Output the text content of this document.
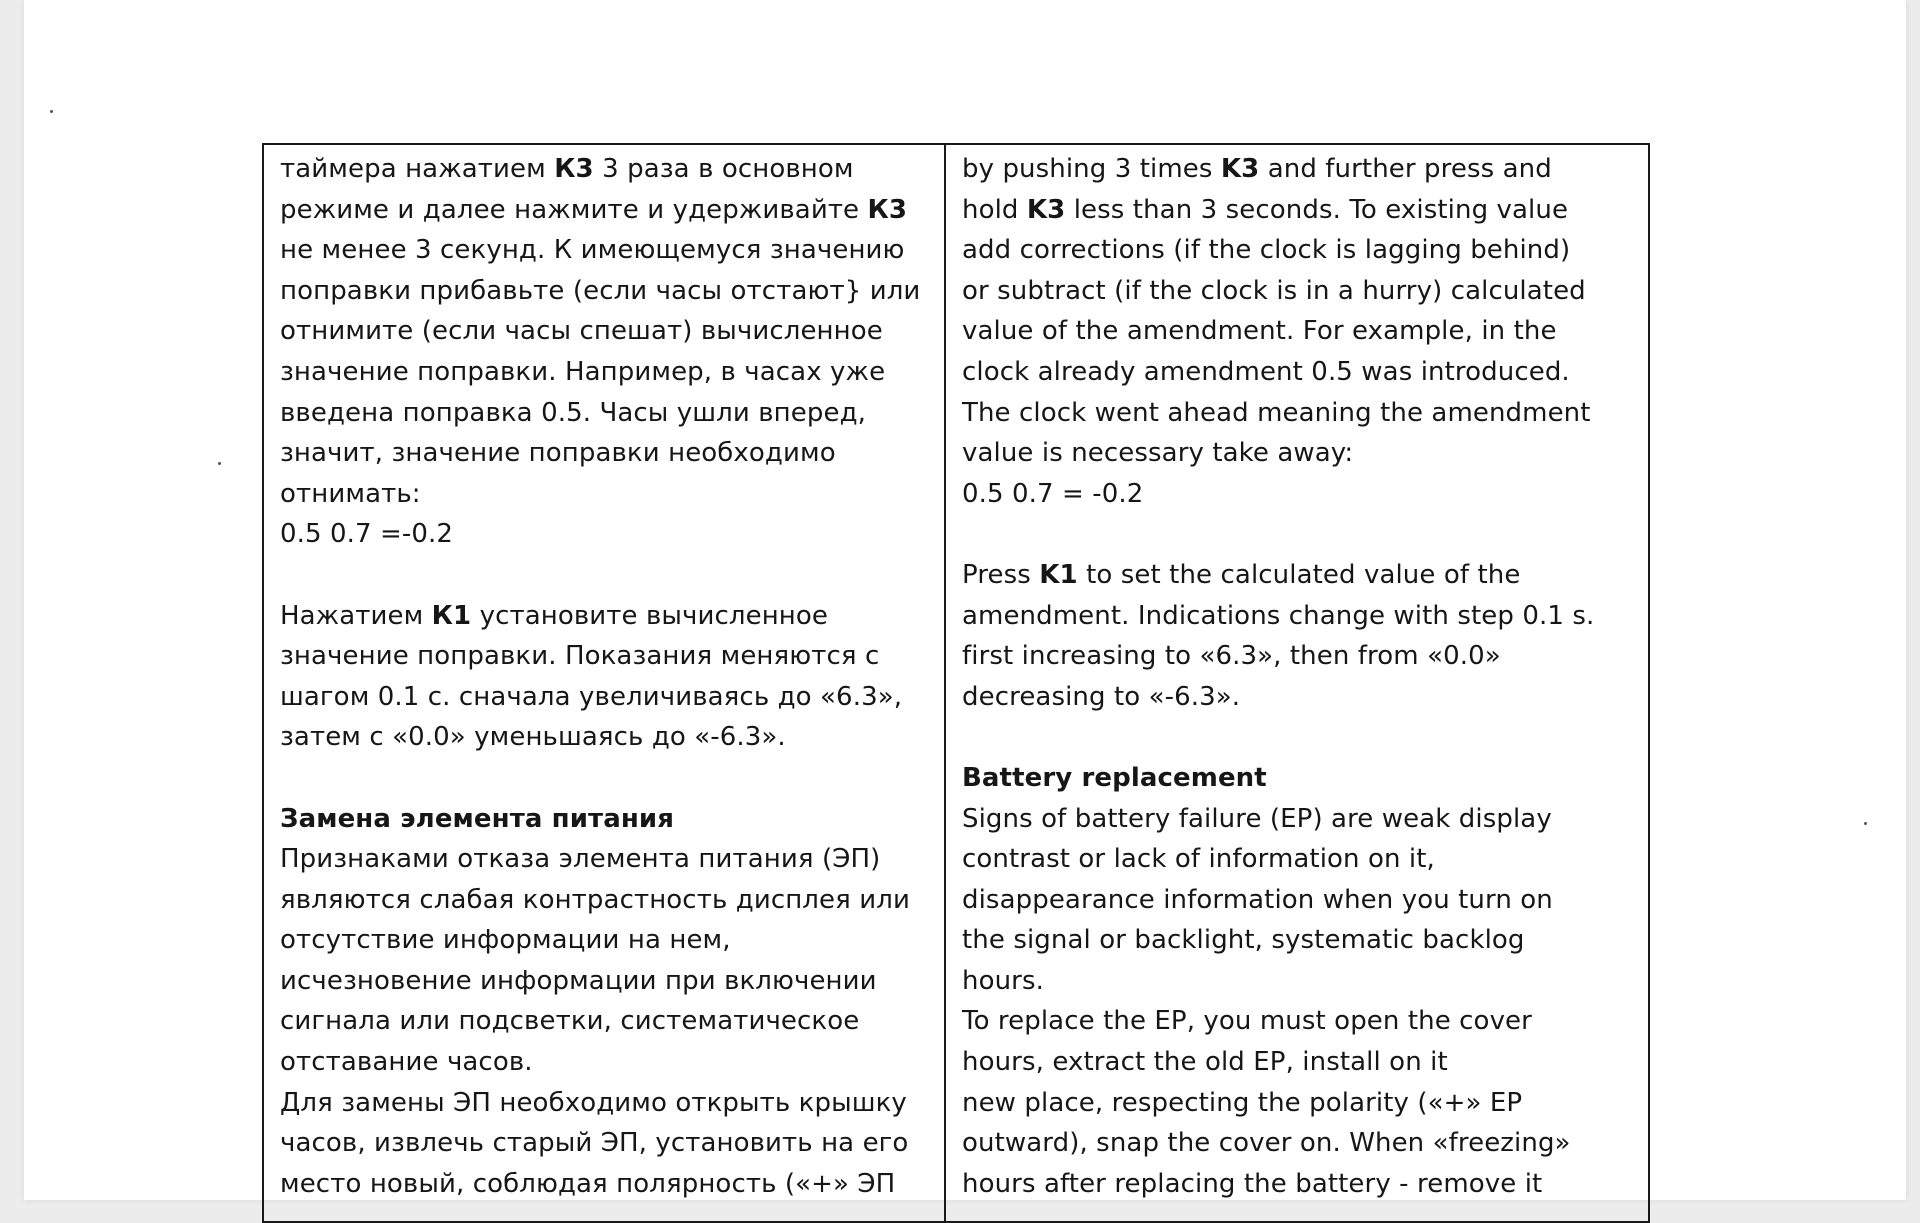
таймера нажатием К3 3 раза в основном
режиме и далее нажмите и удерживайте К3
не менее 3 секунд. К имеющемуся значению
поправки прибавьте (если часы отстают} или
отнимите (если часы спешат) вычисленное
значение поправки. Например, в часах уже
введена поправка 0.5. Часы ушли вперед,
значит, значение поправки необходимо
отнимать:
0.5 0.7 =-0.2
Нажатием К1 установите вычисленное
значение поправки. Показания меняются с
шагом 0.1 с. сначала увеличиваясь до «6.3»,
затем с «0.0» уменьшаясь до «-6.3».
Замена элемента питания
Признаками отказа элемента питания (ЭП)
являются слабая контрастность дисплея или
отсутствие информации на нем,
исчезновение информации при включении
сигнала или подсветки, систематическое
отставание часов.
Для замены ЭП необходимо открыть крышку
часов, извлечь старый ЭП, установить на его
место новый, соблюдая полярность («+» ЭП
by pushing 3 times K3 and further press and
hold K3 less than 3 seconds. To existing value
add corrections (if the clock is lagging behind)
or subtract (if the clock is in a hurry) calculated
value of the amendment. For example, in the
clock already amendment 0.5 was introduced.
The clock went ahead meaning the amendment
value is necessary take away:
0.5 0.7 = -0.2
Press K1 to set the calculated value of the
amendment. Indications change with step 0.1 s.
first increasing to «6.3», then from «0.0»
decreasing to «-6.3».
Battery replacement
Signs of battery failure (EP) are weak display
contrast or lack of information on it,
disappearance information when you turn on
the signal or backlight, systematic backlog
hours.
To replace the EP, you must open the cover
hours, extract the old EP, install on it
new place, respecting the polarity («+» EP
outward), snap the cover on. When «freezing»
hours after replacing the battery - remove it
